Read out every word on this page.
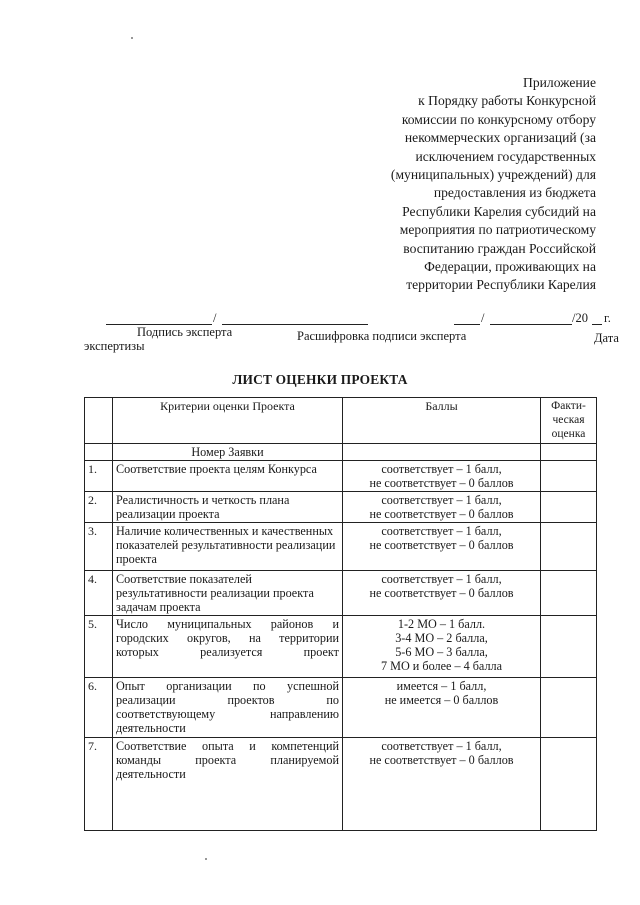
Приложение
к Порядку работы Конкурсной
комиссии по конкурсному отбору
некоммерческих организаций (за
исключением государственных
(муниципальных) учреждений) для
предоставления из бюджета
Республики Карелия субсидий на
мероприятия по патриотическому
воспитанию граждан Российской
Федерации, проживающих на
территории Республики Карелия
/	/	/20 г.
Подпись эксперта	Расшифровка подписи эксперта
экспертизы
Дата
ЛИСТ ОЦЕНКИ ПРОЕКТА
	Критерии оценки Проекта	Баллы	Факти-
ческая
оценка

	Номер Заявки		
1.	Соответствие проекта целям Конкурса	соответствует – 1 балл,
не соответствует – 0 баллов	

2.	Реалистичность и четкость плана реализации проекта	соответствует – 1 балл,
не соответствует – 0 баллов	

3.	Наличие количественных и качественных показателей результативности реализации проекта	соответствует – 1 балл,
не соответствует – 0 баллов	

4.	Соответствие показателей результативности реализации проекта задачам проекта	соответствует – 1 балл,
не соответствует – 0 баллов	

5.	Число муниципальных районов и городских округов, на территории которых реализуется проект	1-2 МО – 1 балл.
3-4 МО – 2 балла,
5-6 МО – 3 балла,
7 МО и более – 4 балла	

6.	Опыт организации по успешной реализации проектов по соответствующему направлению деятельности	имеется – 1 балл,
не имеется – 0 баллов	

7.	Соответствие опыта и компетенций команды проекта планируемой деятельности	соответствует – 1 балл,
не соответствует – 0 баллов	
